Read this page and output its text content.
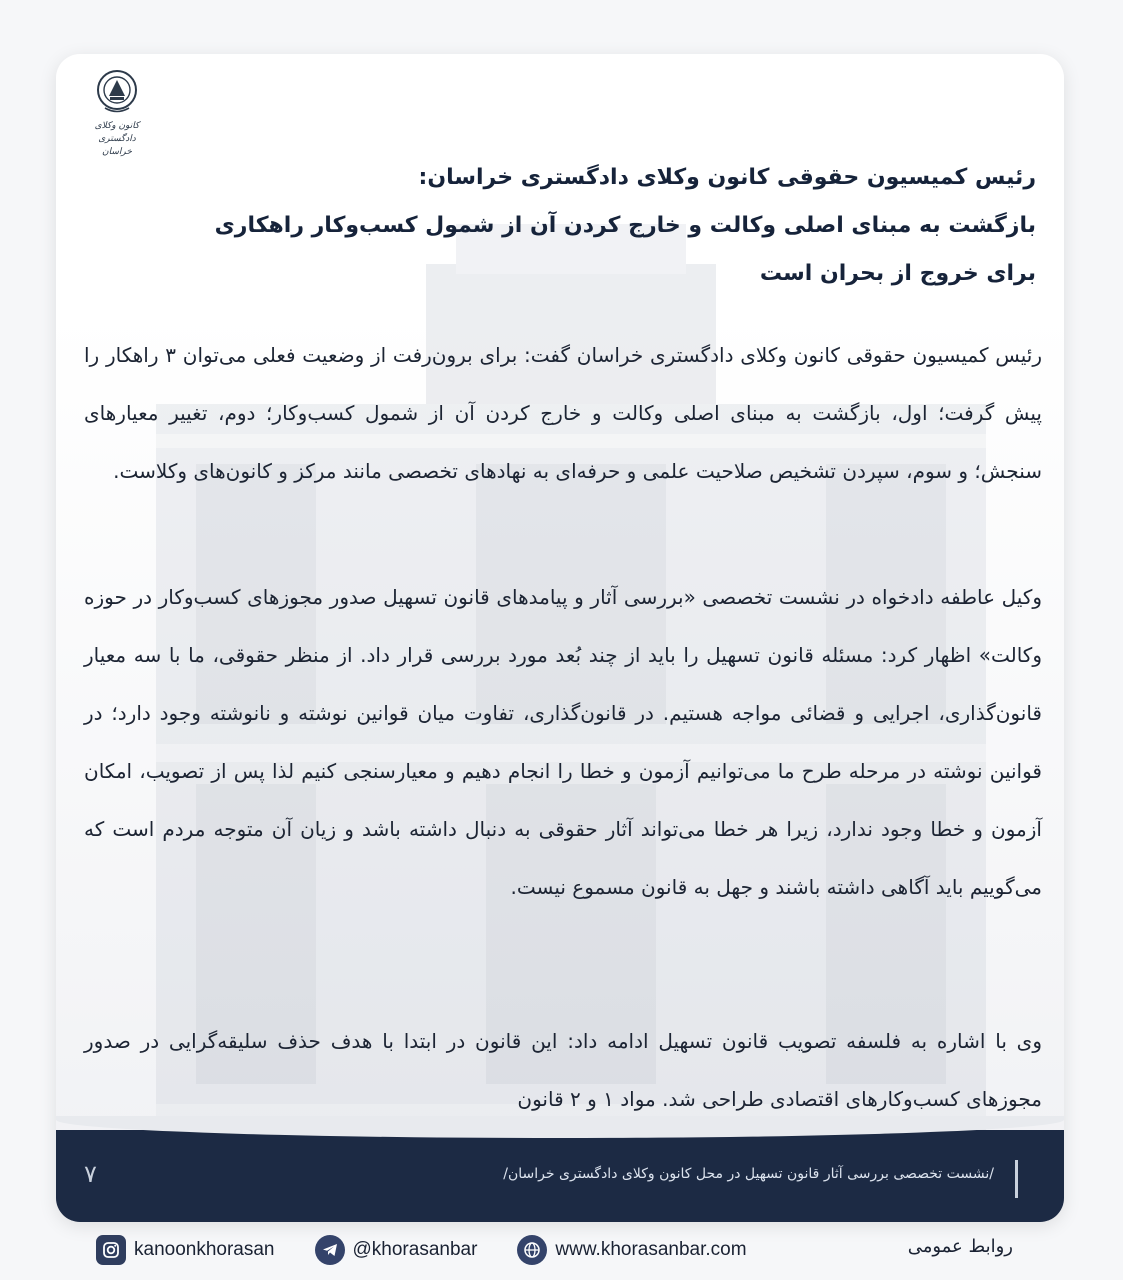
کانون وکلای دادگستری
خراسان
رئیس کمیسیون حقوقی کانون وکلای دادگستری خراسان:
بازگشت به مبنای اصلی وکالت و خارج کردن آن از شمول کسب‌وکار راهکاری
برای خروج از بحران است

رئیس کمیسیون حقوقی کانون وکلای دادگستری خراسان گفت: برای برون‌رفت از وضعیت فعلی می‌توان ۳ راهکار را پیش گرفت؛ اول، بازگشت به مبنای اصلی وکالت و خارج کردن آن از شمول کسب‌وکار؛ دوم، تغییر معیارهای سنجش؛ و سوم، سپردن تشخیص صلاحیت علمی و حرفه‌ای به نهادهای تخصصی مانند مرکز و کانون‌های وکلاست.

وکیل عاطفه دادخواه در نشست تخصصی «بررسی آثار و پیامدهای قانون تسهیل صدور مجوزهای کسب‌وکار در حوزه وکالت» اظهار کرد: مسئله قانون تسهیل را باید از چند بُعد مورد بررسی قرار داد. از منظر حقوقی، ما با سه معیار قانون‌گذاری، اجرایی و قضائی مواجه هستیم. در قانون‌گذاری، تفاوت میان قوانین نوشته و نانوشته وجود دارد؛ در قوانین نوشته در مرحله طرح ما می‌توانیم آزمون و خطا را انجام دهیم و معیارسنجی کنیم لذا پس از تصویب، امکان آزمون و خطا وجود ندارد، زیرا هر خطا می‌تواند آثار حقوقی به دنبال داشته باشد و زیان آن متوجه مردم است که می‌گوییم باید آگاهی داشته باشند و جهل به قانون مسموع نیست.

وی با اشاره به فلسفه تصویب قانون تسهیل ادامه داد: این قانون در ابتدا با هدف حذف سلیقه‌گرایی در صدور مجوزهای کسب‌وکارهای اقتصادی طراحی شد. مواد ۱ و ۲ قانون

/نشست تخصصی بررسی آثار قانون تسهیل در محل کانون وکلای دادگستری خراسان/
۷
kanoonkhorasan	@khorasanbar	www.khorasanbar.com	روابط عمومی
